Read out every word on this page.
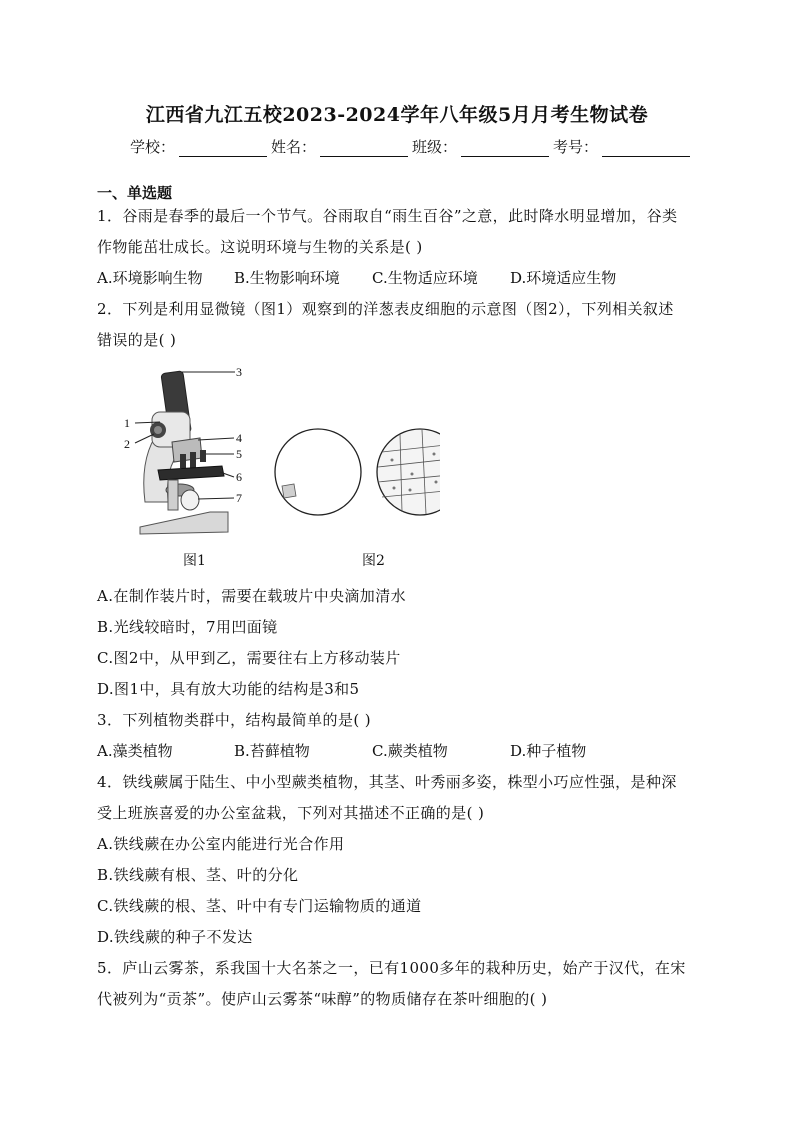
江西省九江五校2023-2024学年八年级5月月考生物试卷
学校：	姓名：	班级：	考号：
一、单选题
1．谷雨是春季的最后一个节气。谷雨取自“雨生百谷”之意，此时降水明显增加，谷类
作物能茁壮成长。这说明环境与生物的关系是( )
A.环境影响生物 B.生物影响环境 C.生物适应环境 D.环境适应生物
2．下列是利用显微镜（图1）观察到的洋葱表皮细胞的示意图（图2），下列相关叙述
错误的是( )
3
1
2	4
5
6
7
图1	图2
A.在制作装片时，需要在载玻片中央滴加清水
B.光线较暗时，7用凹面镜
C.图2中，从甲到乙，需要往右上方移动装片
D.图1中，具有放大功能的结构是3和5
3．下列植物类群中，结构最简单的是( )
A.藻类植物	B.苔藓植物	C.蕨类植物	D.种子植物
4．铁线蕨属于陆生、中小型蕨类植物，其茎、叶秀丽多姿，株型小巧应性强，是种深
受上班族喜爱的办公室盆栽，下列对其描述不正确的是( )
A.铁线蕨在办公室内能进行光合作用
B.铁线蕨有根、茎、叶的分化
C.铁线蕨的根、茎、叶中有专门运输物质的通道
D.铁线蕨的种子不发达
5．庐山云雾茶，系我国十大名茶之一，已有1000多年的栽种历史，始产于汉代，在宋
代被列为“贡茶”。使庐山云雾茶“味醇”的物质储存在茶叶细胞的( )
